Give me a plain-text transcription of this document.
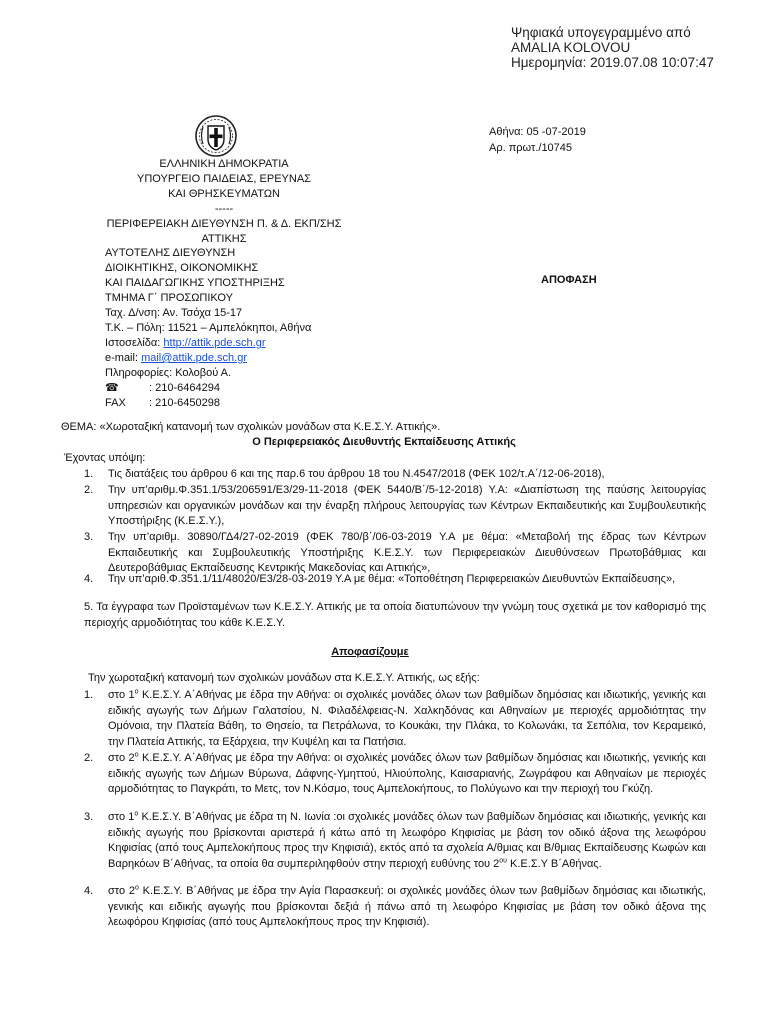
Ψηφιακά υπογεγραμμένο από
AMALIA KOLOVOU
Ημερομηνία: 2019.07.08 10:07:47
ΕΛΛΗΝΙΚΗ ΔΗΜΟΚΡΑΤΙΑ
ΥΠΟΥΡΓΕΙΟ ΠΑΙΔΕΙΑΣ, ΕΡΕΥΝΑΣ
ΚΑΙ ΘΡΗΣΚΕΥΜΑΤΩΝ
-----
ΠΕΡΙΦΕΡΕΙΑΚΗ ΔΙΕΥΘΥΝΣΗ Π. & Δ. ΕΚΠ/ΣΗΣ
ΑΤΤΙΚΗΣ
ΑΥΤΟΤΕΛΗΣ ΔΙΕΥΘΥΝΣΗ
ΔΙΟΙΚΗΤΙΚΗΣ, ΟΙΚΟΝΟΜΙΚΗΣ
ΚΑΙ ΠΑΙΔΑΓΩΓΙΚΗΣ ΥΠΟΣΤΗΡΙΞΗΣ
ΤΜΗΜΑ Γ΄ ΠΡΟΣΩΠΙΚΟΥ
Ταχ. Δ/νση: Αν. Τσόχα 15-17
Τ.Κ. – Πόλη: 11521 – Αμπελόκηποι, Αθήνα
Ιστοσελίδα: http://attik.pde.sch.gr
e-mail: mail@attik.pde.sch.gr
Πληροφορίες: Κολοβού Α.
☎	: 210-6464294
FAX	: 210-6450298
Αθήνα: 05 -07-2019
Αρ. πρωτ./10745
ΑΠΟΦΑΣΗ
ΘΕΜΑ: «Χωροταξική κατανομή των σχολικών μονάδων στα Κ.Ε.Σ.Υ. Αττικής».
Ο Περιφερειακός Διευθυντής Εκπαίδευσης Αττικής
Έχοντας υπόψη:
1.	Τις διατάξεις του άρθρου 6 και της παρ.6 του άρθρου 18 του Ν.4547/2018 (ΦΕΚ 102/τ.Α΄/12-06-2018),
2.	Την υπ’αριθμ.Φ.351.1/53/206591/Ε3/29-11-2018 (ΦΕΚ 5440/Β΄/5-12-2018) Υ.Α: «Διαπίστωση της παύσης λειτουργίας υπηρεσιών και οργανικών μονάδων και την έναρξη πλήρους λειτουργίας των Κέντρων Εκπαιδευτικής και Συμβουλευτικής Υποστήριξης (Κ.Ε.Σ.Υ.),
3.	Την υπ’αριθμ. 30890/ΓΔ4/27-02-2019 (ΦΕΚ 780/β΄/06-03-2019 Υ.Α με θέμα: «Μεταβολή της έδρας των Κέντρων Εκπαιδευτικής και Συμβουλευτικής Υποστήριξης Κ.Ε.Σ.Υ. των Περιφερειακών Διευθύνσεων Πρωτοβάθμιας και Δευτεροβάθμιας Εκπαίδευσης Κεντρικής Μακεδονίας και Αττικής»,
4.	Την υπ’αριθ.Φ.351.1/11/48020/Ε3/28-03-2019 Υ.Α με θέμα: «Τοποθέτηση Περιφερειακών Διευθυντών Εκπαίδευσης»,
5. Τα έγγραφα των Προϊσταμένων των Κ.Ε.Σ.Υ. Αττικής με τα οποία διατυπώνουν την γνώμη τους σχετικά με τον καθορισμό της περιοχής αρμοδιότητας του κάθε Κ.Ε.Σ.Υ.
Αποφασίζουμε
Την χωροταξική κατανομή των σχολικών μονάδων στα Κ.Ε.Σ.Υ. Αττικής, ως εξής:
1.	στο $1^o$ Κ.Ε.Σ.Υ. Α΄Αθήνας με έδρα την Αθήνα: οι σχολικές μονάδες όλων των βαθμίδων δημόσιας και ιδιωτικής, γενικής και ειδικής αγωγής των Δήμων Γαλατσίου, Ν. Φιλαδέλφειας-Ν. Χαλκηδόνας και Αθηναίων με περιοχές αρμοδιότητας την Ομόνοια, την Πλατεία Βάθη, το Θησείο, τα Πετράλωνα, το Κουκάκι, την Πλάκα, το Κολωνάκι, τα Σεπόλια, τον Κεραμεικό, την Πλατεία Αττικής, τα Εξάρχεια, την Κυψέλη και τα Πατήσια.
2.	στο $2^o$ Κ.Ε.Σ.Υ. Α΄Αθήνας με έδρα την Αθήνα: οι σχολικές μονάδες όλων των βαθμίδων δημόσιας και ιδιωτικής, γενικής και ειδικής αγωγής των Δήμων Βύρωνα, Δάφνης-Υμηττού, Ηλιούπολης, Καισαριανής, Ζωγράφου και Αθηναίων με περιοχές αρμοδιότητας το Παγκράτι, το Μετς, τον Ν.Κόσμο, τους Αμπελοκήπους, το Πολύγωνο και την περιοχή του Γκύζη.
3.	στο $1^o$ Κ.Ε.Σ.Υ. Β΄Αθήνας με έδρα τη Ν. Ιωνία :οι σχολικές μονάδες όλων των βαθμίδων δημόσιας και ιδιωτικής, γενικής και ειδικής αγωγής που βρίσκονται αριστερά ή κάτω από τη λεωφόρο Κηφισίας με βάση τον οδικό άξονα της λεωφόρου Κηφισίας (από τους Αμπελοκήπους προς την Κηφισιά), εκτός από τα σχολεία Α/θμιας και Β/θμιας Εκπαίδευσης Κωφών και Βαρηκόων Β΄Αθήνας, τα οποία θα συμπεριληφθούν στην περιοχή ευθύνης του $2^{o\upsilon}$ Κ.Ε.Σ.Υ Β΄Αθήνας.
4.	στο $2^o$ Κ.Ε.Σ.Υ. Β΄Αθήνας με έδρα την Αγία Παρασκευή: οι σχολικές μονάδες όλων των βαθμίδων δημόσιας και ιδιωτικής, γενικής και ειδικής αγωγής που βρίσκονται δεξιά ή πάνω από τη λεωφόρο Κηφισίας με βάση τον οδικό άξονα της λεωφόρου Κηφισίας (από τους Αμπελοκήπους προς την Κηφισιά).
